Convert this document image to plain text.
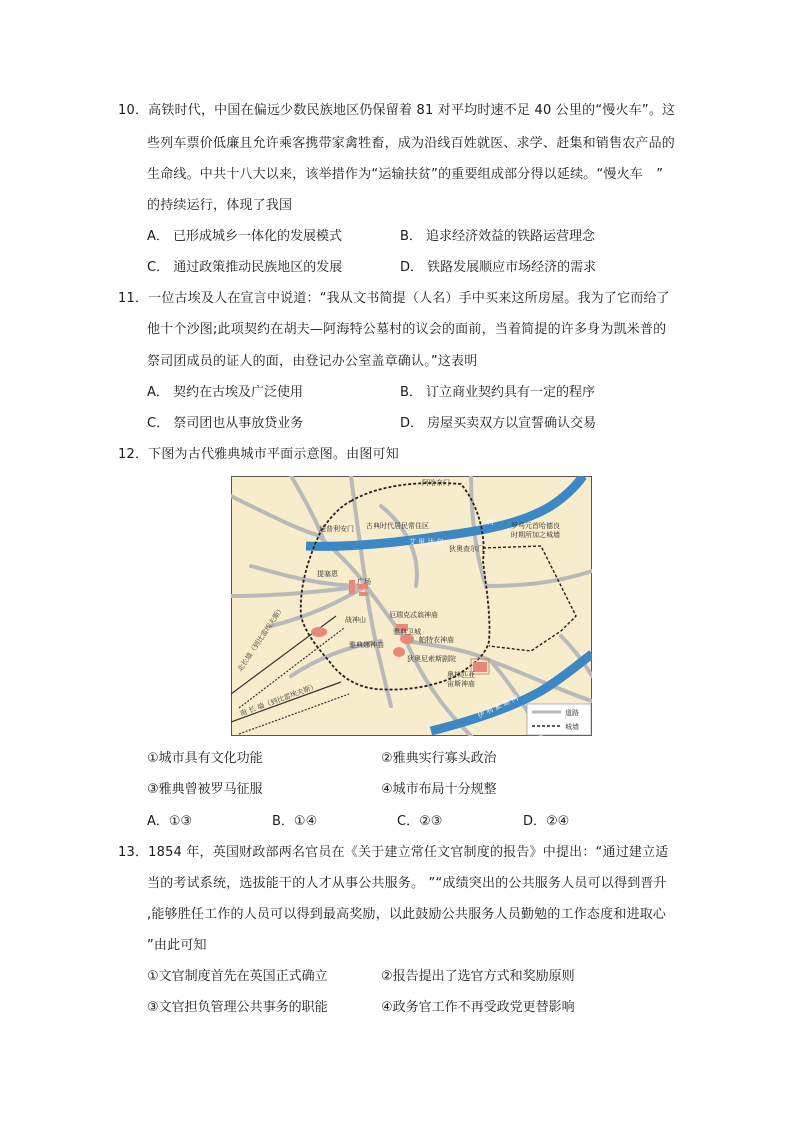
10．高铁时代，中国在偏远少数民族地区仍保留着 81 对平均时速不足 40 公里的“慢火车”。这
些列车票价低廉且允许乘客携带家禽牲畜，成为沿线百姓就医、求学、赶集和销售农产品的
生命线。中共十八大以来，该举措作为“运输扶贫”的重要组成部分得以延续。“慢火车　”
的持续运行，体现了我国
A． 已形成城乡一体化的发展模式	B． 追求经济效益的铁路运营理念
C． 通过政策推动民族地区的发展	D． 铁路发展顺应市场经济的需求
11．一位古埃及人在宣言中说道：“我从文书简提（人名）手中买来这所房屋。我为了它而给了
他十个沙图;此项契约在胡夫—阿海特公墓村的议会的面前，当着简提的许多身为凯米普的
祭司团成员的证人的面，由登记办公室盖章确认。”这表明
A． 契约在古埃及广泛使用	B． 订立商业契约具有一定的程序
C． 祭司团也从事放贷业务	D． 房屋买卖双方以宣誓确认交易
12．下图为古代雅典城市平面示意图。由图可知
阿哈奈门
迪普利安门 古典时代居民常住区	罗马元首哈德良
时期所加之城墙
狄奥查尔门
艾 里 达 尔
河
提塞恩
广场
厄瑞克忒翁神庙
战神山
雅典卫城
帕特农神庙
雅典娜神庙
狄奥尼索斯剧院
奥林匹亚
宙斯神庙
北长墙（到比雷埃夫斯）
南 长 墙（到比雷埃夫斯）	伊 利 索 斯 河	道路
城墙
①城市具有文化功能	②雅典实行寡头政治
③雅典曾被罗马征服	④城市布局十分规整
A．①③	B．①④	C．②③	D．②④
13．1854 年，英国财政部两名官员在《关于建立常任文官制度的报告》中提出：“通过建立适
当的考试系统，选拔能干的人才从事公共服务。 ”“成绩突出的公共服务人员可以得到晋升
,能够胜任工作的人员可以得到最高奖励，以此鼓励公共服务人员勤勉的工作态度和进取心
”由此可知
①文官制度首先在英国正式确立	②报告提出了选官方式和奖励原则
③文官担负管理公共事务的职能	④政务官工作不再受政党更替影响
